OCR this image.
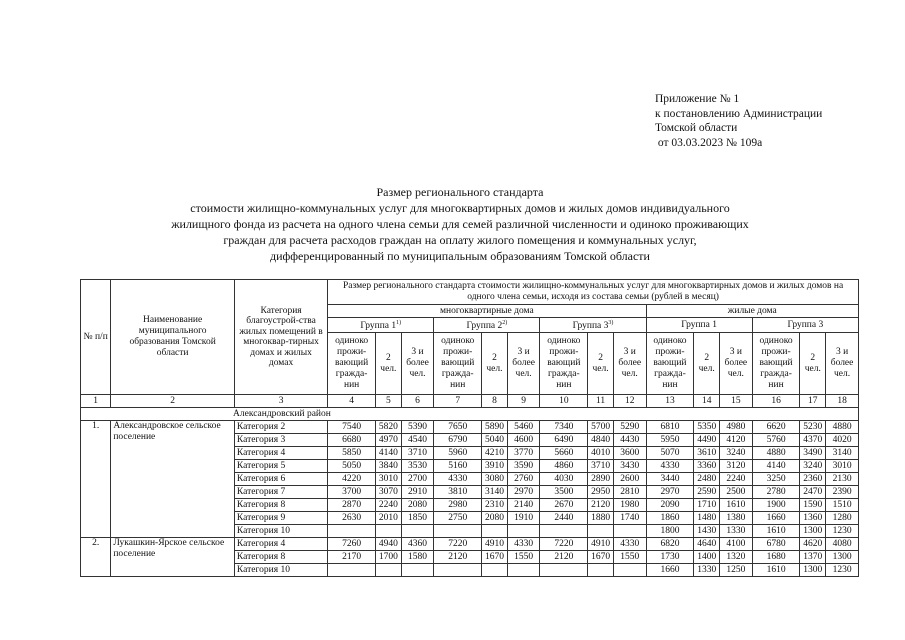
Приложение № 1
к постановлению Администрации
Томской области
от 03.03.2023 № 109а
Размер регионального стандарта
стоимости жилищно-коммунальных услуг для многоквартирных домов и жилых домов индивидуального
жилищного фонда из расчета на одного члена семьи для семей различной численности и одиноко проживающих
граждан для расчета расходов граждан на оплату жилого помещения и коммунальных услуг,
дифференцированный по муниципальным образованиям Томской области
№ п/п	Наименование муниципального образования Томской области	Категория благоустрой-ства жилых помещений в многоквар-тирных домах и жилых домах	Размер регионального стандарта стоимости жилищно-коммунальных услуг для многоквартирных домов и жилых домов на одного члена семьи, исходя из состава семьи (рублей в месяц)														
			многоквартирные дома									жилые дома					
			Группа 1$^{1)}$			Группа 2$^{2)}$			Группа 3$^{3)}$			Группа 1			Группа 3		
			одиноко прожи-вающий гражда-нин	2 чел.	3 и более чел.	одиноко прожи-вающий гражда-нин	2 чел.	3 и более чел.	одиноко прожи-вающий гражда-нин	2 чел.	3 и более чел.	одиноко прожи-вающий гражда-нин	2 чел.	3 и более чел.	одиноко прожи-вающий гражда-нин	2 чел.	3 и более чел.
1	2	3	4	5	6	7	8	9	10	11	12	13	14	15	16	17	18
Александровский район																	
1.	Александровское сельское поселение	Категория 2	7540	5820	5390	7650	5890	5460	7340	5700	5290	6810	5350	4980	6620	5230	4880
		Категория 3	6680	4970	4540	6790	5040	4600	6490	4840	4430	5950	4490	4120	5760	4370	4020
		Категория 4	5850	4140	3710	5960	4210	3770	5660	4010	3600	5070	3610	3240	4880	3490	3140
		Категория 5	5050	3840	3530	5160	3910	3590	4860	3710	3430	4330	3360	3120	4140	3240	3010
		Категория 6	4220	3010	2700	4330	3080	2760	4030	2890	2600	3440	2480	2240	3250	2360	2130
		Категория 7	3700	3070	2910	3810	3140	2970	3500	2950	2810	2970	2590	2500	2780	2470	2390
		Категория 8	2870	2240	2080	2980	2310	2140	2670	2120	1980	2090	1710	1610	1900	1590	1510
		Категория 9	2630	2010	1850	2750	2080	1910	2440	1880	1740	1860	1480	1380	1660	1360	1280
		Категория 10										1800	1430	1330	1610	1300	1230
2.	Лукашкин-Ярское сельское поселение	Категория 4	7260	4940	4360	7220	4910	4330	7220	4910	4330	6820	4640	4100	6780	4620	4080
		Категория 8	2170	1700	1580	2120	1670	1550	2120	1670	1550	1730	1400	1320	1680	1370	1300
		Категория 10										1660	1330	1250	1610	1300	1230
